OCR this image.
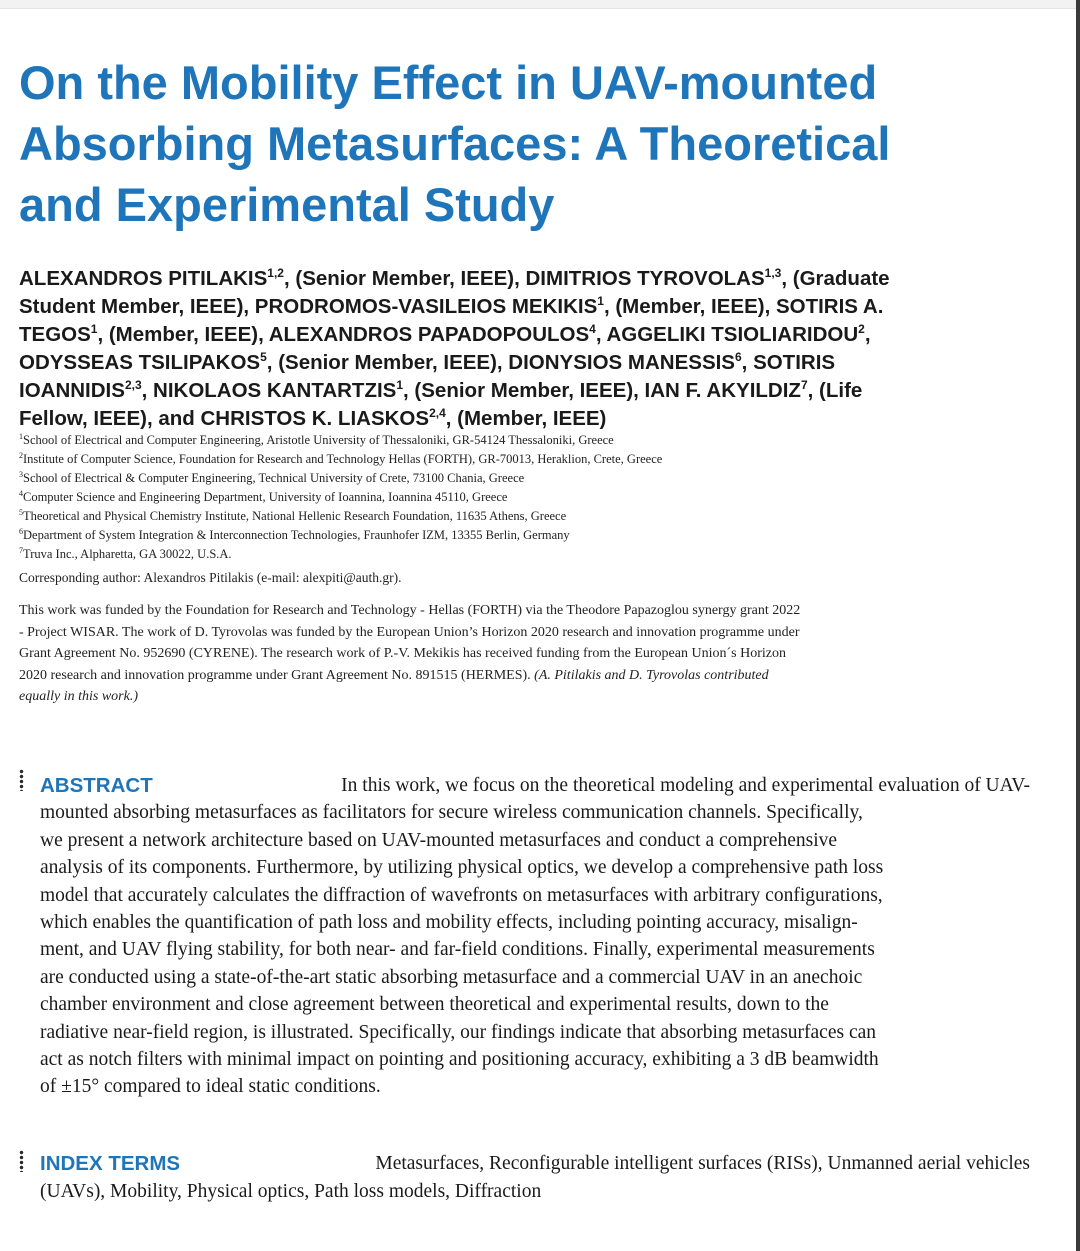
On the Mobility Effect in UAV-mounted
Absorbing Metasurfaces: A Theoretical
and Experimental Study

ALEXANDROS PITILAKIS$^{1,2}$, (Senior Member, IEEE), DIMITRIOS TYROVOLAS$^{1,3}$, (Graduate
Student Member, IEEE), PRODROMOS-VASILEIOS MEKIKIS$^1$, (Member, IEEE), SOTIRIS A.
TEGOS$^1$, (Member, IEEE), ALEXANDROS PAPADOPOULOS$^4$, AGGELIKI TSIOLIARIDOU$^2$,
ODYSSEAS TSILIPAKOS$^5$, (Senior Member, IEEE), DIONYSIOS MANESSIS$^6$, SOTIRIS
IOANNIDIS$^{2,3}$, NIKOLAOS KANTARTZIS$^1$, (Senior Member, IEEE), IAN F. AKYILDIZ$^7$, (Life
Fellow, IEEE), and CHRISTOS K. LIASKOS$^{2,4}$, (Member, IEEE)

$^1$School of Electrical and Computer Engineering, Aristotle University of Thessaloniki, GR-54124 Thessaloniki, Greece
$^2$Institute of Computer Science, Foundation for Research and Technology Hellas (FORTH), GR-70013, Heraklion, Crete, Greece
$^3$School of Electrical & Computer Engineering, Technical University of Crete, 73100 Chania, Greece
$^4$Computer Science and Engineering Department, University of Ioannina, Ioannina 45110, Greece
$^5$Theoretical and Physical Chemistry Institute, National Hellenic Research Foundation, 11635 Athens, Greece
$^6$Department of System Integration & Interconnection Technologies, Fraunhofer IZM, 13355 Berlin, Germany
$^7$Truva Inc., Alpharetta, GA 30022, U.S.A.
Corresponding author: Alexandros Pitilakis (e-mail: alexpiti@auth.gr).
This work was funded by the Foundation for Research and Technology - Hellas (FORTH) via the Theodore Papazoglou synergy grant 2022
- Project WISAR. The work of D. Tyrovolas was funded by the European Union’s Horizon 2020 research and innovation programme under
Grant Agreement No. 952690 (CYRENE). The research work of P.-V. Mekikis has received funding from the European Union´s Horizon
2020 research and innovation programme under Grant Agreement No. 891515 (HERMES). (A. Pitilakis and D. Tyrovolas contributed
equally in this work.)
ABSTRACT	In this work, we focus on the theoretical modeling and experimental evaluation of UAV-
mounted absorbing metasurfaces as facilitators for secure wireless communication channels. Specifically,
we present a network architecture based on UAV-mounted metasurfaces and conduct a comprehensive
analysis of its components. Furthermore, by utilizing physical optics, we develop a comprehensive path loss
model that accurately calculates the diffraction of wavefronts on metasurfaces with arbitrary configurations,
which enables the quantification of path loss and mobility effects, including pointing accuracy, misalign-
ment, and UAV flying stability, for both near- and far-field conditions. Finally, experimental measurements
are conducted using a state-of-the-art static absorbing metasurface and a commercial UAV in an anechoic
chamber environment and close agreement between theoretical and experimental results, down to the
radiative near-field region, is illustrated. Specifically, our findings indicate that absorbing metasurfaces can
act as notch filters with minimal impact on pointing and positioning accuracy, exhibiting a 3 dB beamwidth
of ±15° compared to ideal static conditions.
INDEX TERMS	Metasurfaces, Reconfigurable intelligent surfaces (RISs), Unmanned aerial vehicles
(UAVs), Mobility, Physical optics, Path loss models, Diffraction
